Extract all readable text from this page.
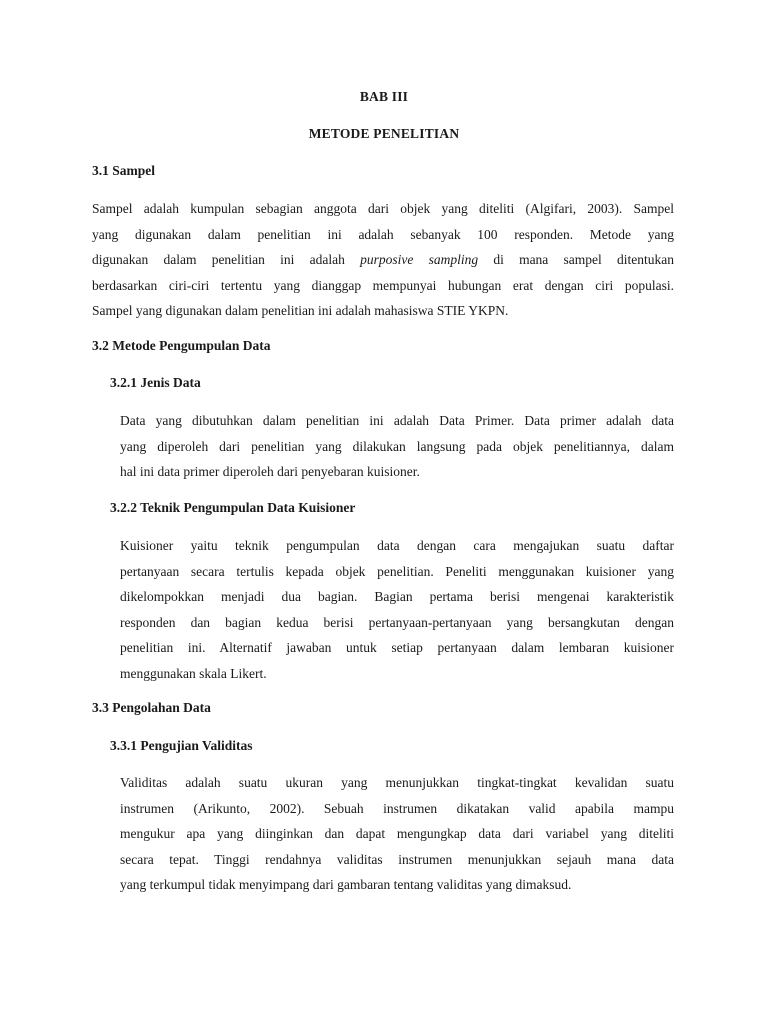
BAB III
METODE PENELITIAN
3.1 Sampel
Sampel adalah kumpulan sebagian anggota dari objek yang diteliti (Algifari, 2003). Sampel
yang digunakan dalam penelitian ini adalah sebanyak 100 responden. Metode yang
digunakan dalam penelitian ini adalah purposive sampling di mana sampel ditentukan
berdasarkan ciri-ciri tertentu yang dianggap mempunyai hubungan erat dengan ciri populasi.
Sampel yang digunakan dalam penelitian ini adalah mahasiswa STIE YKPN.
3.2 Metode Pengumpulan Data
3.2.1 Jenis Data
Data yang dibutuhkan dalam penelitian ini adalah Data Primer. Data primer adalah data
yang diperoleh dari penelitian yang dilakukan langsung pada objek penelitiannya, dalam
hal ini data primer diperoleh dari penyebaran kuisioner.
3.2.2 Teknik Pengumpulan Data Kuisioner
Kuisioner yaitu teknik pengumpulan data dengan cara mengajukan suatu daftar
pertanyaan secara tertulis kepada objek penelitian. Peneliti menggunakan kuisioner yang
dikelompokkan menjadi dua bagian. Bagian pertama berisi mengenai karakteristik
responden dan bagian kedua berisi pertanyaan-pertanyaan yang bersangkutan dengan
penelitian ini. Alternatif jawaban untuk setiap pertanyaan dalam lembaran kuisioner
menggunakan skala Likert.
3.3 Pengolahan Data
3.3.1 Pengujian Validitas
Validitas adalah suatu ukuran yang menunjukkan tingkat-tingkat kevalidan suatu
instrumen (Arikunto, 2002). Sebuah instrumen dikatakan valid apabila mampu
mengukur apa yang diinginkan dan dapat mengungkap data dari variabel yang diteliti
secara tepat. Tinggi rendahnya validitas instrumen menunjukkan sejauh mana data
yang terkumpul tidak menyimpang dari gambaran tentang validitas yang dimaksud.
